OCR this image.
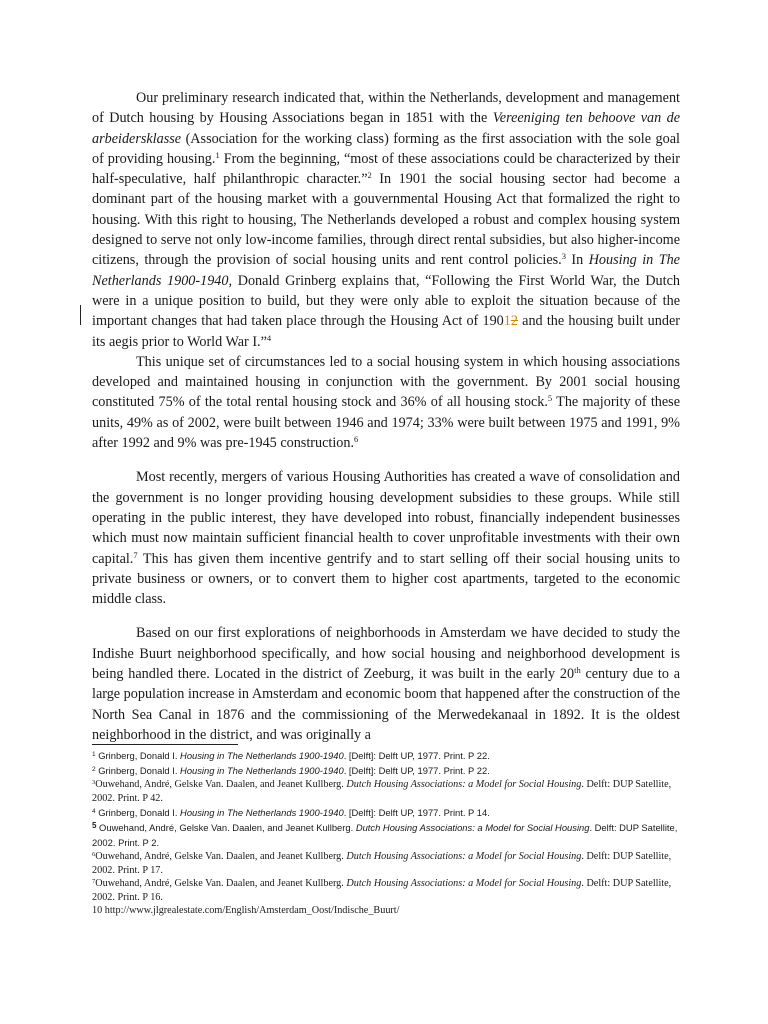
Our preliminary research indicated that, within the Netherlands, development and management of Dutch housing by Housing Associations began in 1851 with the Vereeniging ten behoove van de arbeidersklasse (Association for the working class) forming as the first association with the sole goal of providing housing.$^1$ From the beginning, “most of these associations could be characterized by their half-speculative, half philanthropic character.”$^2$ In 1901 the social housing sector had become a dominant part of the housing market with a gouvernmental Housing Act that formalized the right to housing. With this right to housing, The Netherlands developed a robust and complex housing system designed to serve not only low-income families, through direct rental subsidies, but also higher-income citizens, through the provision of social housing units and rent control policies.$^3$ In Housing in The Netherlands 1900-1940, Donald Grinberg explains that, “Following the First World War, the Dutch were in a unique position to build, but they were only able to exploit the situation because of the important changes that had taken place through the Housing Act of 19012 and the housing built under its aegis prior to World War I.”$^4$

This unique set of circumstances led to a social housing system in which housing associations developed and maintained housing in conjunction with the government. By 2001 social housing constituted 75% of the total rental housing stock and 36% of all housing stock.$^5$ The majority of these units, 49% as of 2002, were built between 1946 and 1974; 33% were built between 1975 and 1991, 9% after 1992 and 9% was pre-1945 construction.$^6$

Most recently, mergers of various Housing Authorities has created a wave of consolidation and the government is no longer providing housing development subsidies to these groups. While still operating in the public interest, they have developed into robust, financially independent businesses which must now maintain sufficient financial health to cover unprofitable investments with their own capital.$^7$ This has given them incentive gentrify and to start selling off their social housing units to private business or owners, or to convert them to higher cost apartments, targeted to the economic middle class.

Based on our first explorations of neighborhoods in Amsterdam we have decided to study the Indishe Buurt neighborhood specifically, and how social housing and neighborhood development is being handled there. Located in the district of Zeeburg, it was built in the early 20th century due to a large population increase in Amsterdam and economic boom that happened after the construction of the North Sea Canal in 1876 and the commissioning of the Merwedekanaal in 1892. It is the oldest neighborhood in the district, and was originally a

$^1$ Grinberg, Donald I. Housing in The Netherlands 1900-1940. [Delft]: Delft UP, 1977. Print. P 22.

$^2$ Grinberg, Donald I. Housing in The Netherlands 1900-1940. [Delft]: Delft UP, 1977. Print. P 22.

$^3$Ouwehand, André, Gelske Van. Daalen, and Jeanet Kullberg. Dutch Housing Associations: a Model for Social Housing. Delft: DUP Satellite, 2002. Print. P 42.

$^4$ Grinberg, Donald I. Housing in The Netherlands 1900-1940. [Delft]: Delft UP, 1977. Print. P 14.

$^5$ Ouwehand, André, Gelske Van. Daalen, and Jeanet Kullberg. Dutch Housing Associations: a Model for Social Housing. Delft: DUP Satellite, 2002. Print. P 2.

$^6$Ouwehand, André, Gelske Van. Daalen, and Jeanet Kullberg. Dutch Housing Associations: a Model for Social Housing. Delft: DUP Satellite, 2002. Print. P 17.

$^7$Ouwehand, André, Gelske Van. Daalen, and Jeanet Kullberg. Dutch Housing Associations: a Model for Social Housing. Delft: DUP Satellite, 2002. Print. P 16.

10 http://www.jlgrealestate.com/English/Amsterdam_Oost/Indische_Buurt/
